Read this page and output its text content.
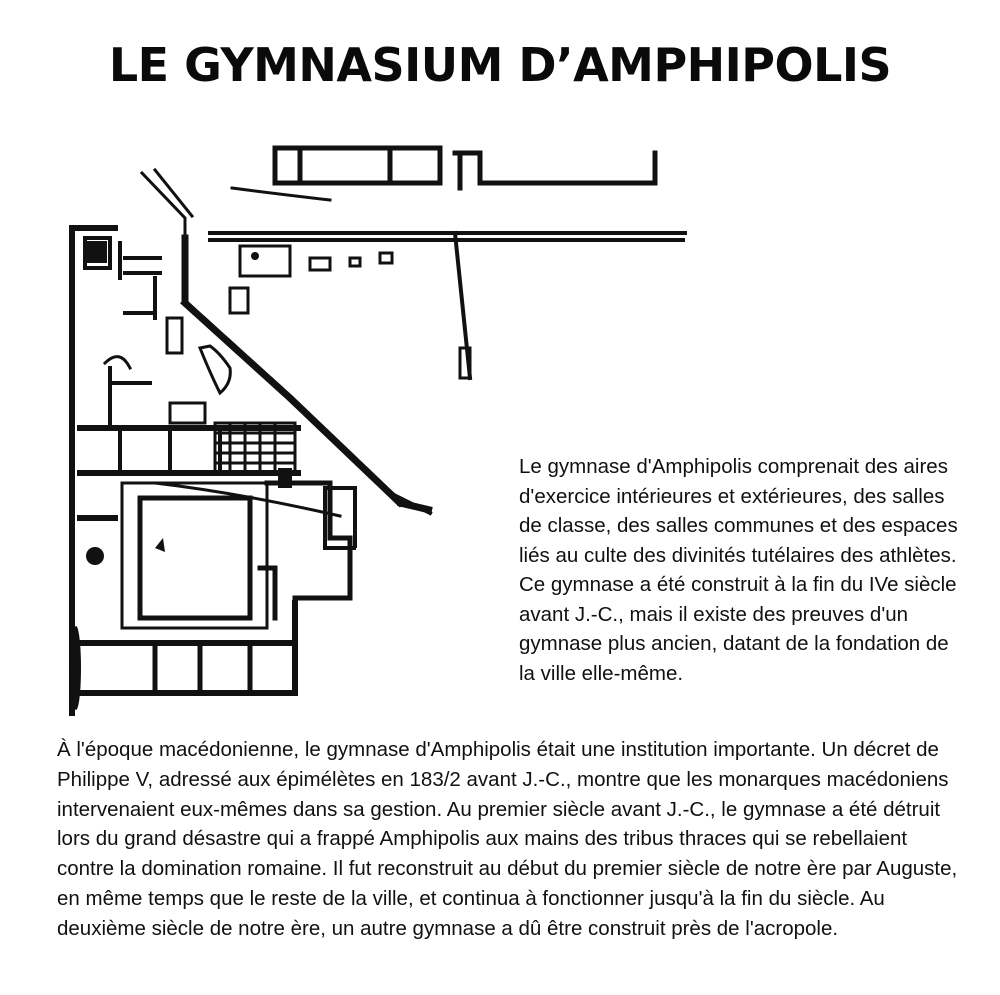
LE GYMNASIUM D’AMPHIPOLIS

Le gymnase d'Amphipolis comprenait des aires d'exercice intérieures et extérieures, des salles de classe, des salles communes et des espaces liés au culte des divinités tutélaires des athlètes. Ce gymnase a été construit à la fin du IVe siècle avant J.-C., mais il existe des preuves d'un gymnase plus ancien, datant de la fondation de la ville elle-même.

À l'époque macédonienne, le gymnase d'Amphipolis était une institution importante. Un décret de Philippe V, adressé aux épimélètes en 183/2 avant J.-C., montre que les monarques macédoniens intervenaient eux-mêmes dans sa gestion. Au premier siècle avant J.-C., le gymnase a été détruit lors du grand désastre qui a frappé Amphipolis aux mains des tribus thraces qui se rebellaient contre la domination romaine. Il fut reconstruit au début du premier siècle de notre ère par Auguste, en même temps que le reste de la ville, et continua à fonctionner jusqu'à la fin du siècle. Au deuxième siècle de notre ère, un autre gymnase a dû être construit près de l'acropole.
